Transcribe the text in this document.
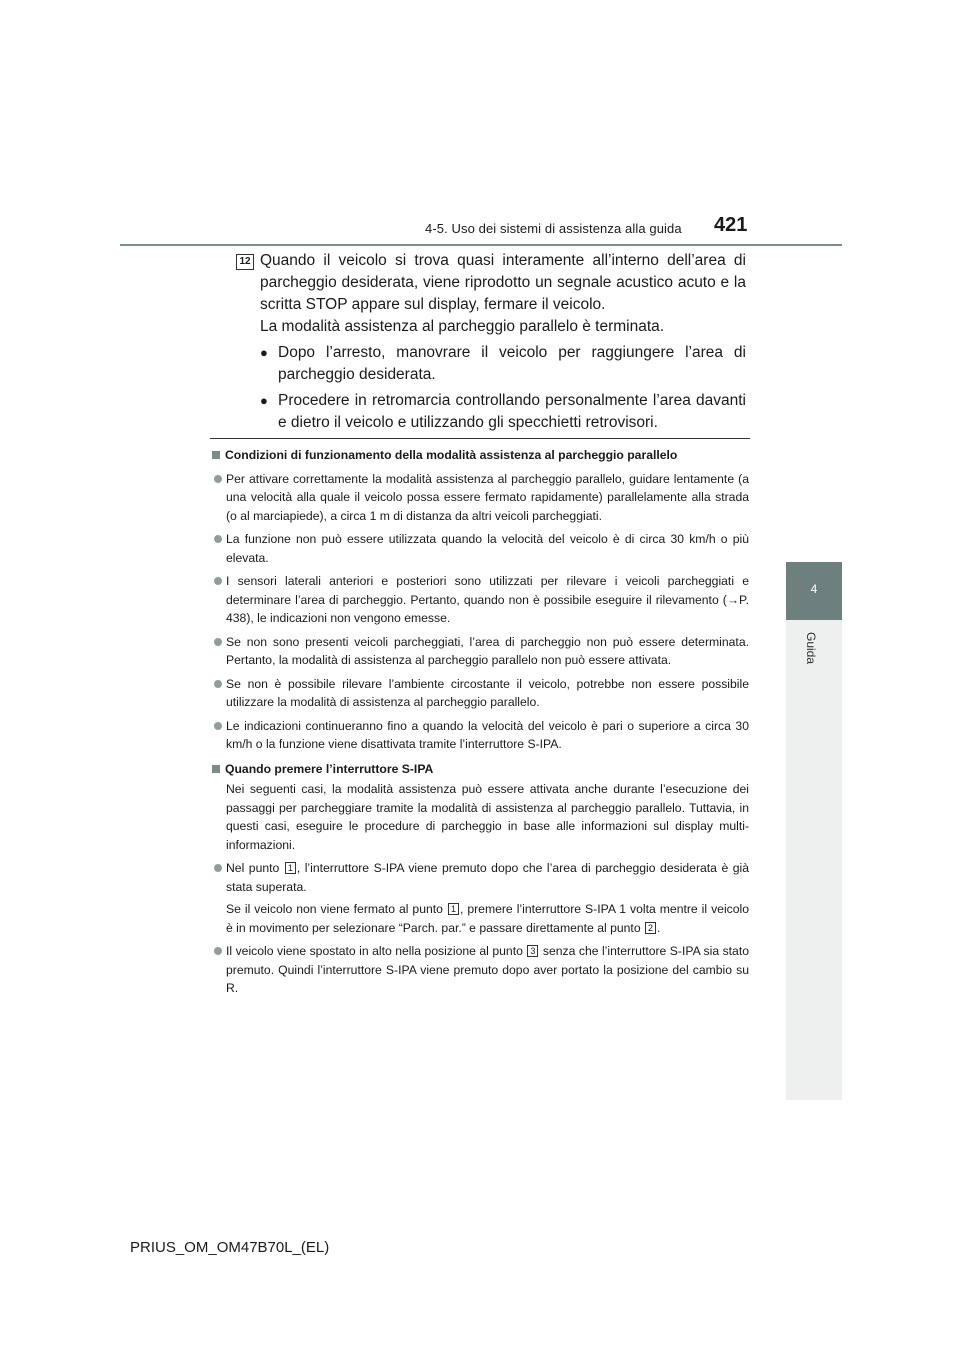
4-5. Uso dei sistemi di assistenza alla guida 421
4
Guida
12 Quando il veicolo si trova quasi interamente all’interno dell’area di parcheggio desiderata, viene riprodotto un segnale acustico acuto e la scritta STOP appare sul display, fermare il veicolo.

La modalità assistenza al parcheggio parallelo è terminata.

● Dopo l’arresto, manovrare il veicolo per raggiungere l’area di parcheggio desiderata.
● Procedere in retromarcia controllando personalmente l’area davanti e dietro il veicolo e utilizzando gli specchietti retrovisori.

Condizioni di funzionamento della modalità assistenza al parcheggio parallelo

Per attivare correttamente la modalità assistenza al parcheggio parallelo, guidare lentamente (a una velocità alla quale il veicolo possa essere fermato rapidamente) parallelamente alla strada (o al marciapiede), a circa 1 m di distanza da altri veicoli parcheggiati.

La funzione non può essere utilizzata quando la velocità del veicolo è di circa 30 km/h o più elevata.

I sensori laterali anteriori e posteriori sono utilizzati per rilevare i veicoli parcheggiati e determinare l’area di parcheggio. Pertanto, quando non è possibile eseguire il rilevamento (→P. 438), le indicazioni non vengono emesse.

Se non sono presenti veicoli parcheggiati, l’area di parcheggio non può essere determinata. Pertanto, la modalità di assistenza al parcheggio parallelo non può essere attivata.

Se non è possibile rilevare l’ambiente circostante il veicolo, potrebbe non essere possibile utilizzare la modalità di assistenza al parcheggio parallelo.

Le indicazioni continueranno fino a quando la velocità del veicolo è pari o superiore a circa 30 km/h o la funzione viene disattivata tramite l’interruttore S-IPA.

Quando premere l’interruttore S-IPA

Nei seguenti casi, la modalità assistenza può essere attivata anche durante l’esecuzione dei passaggi per parcheggiare tramite la modalità di assistenza al parcheggio parallelo. Tuttavia, in questi casi, eseguire le procedure di parcheggio in base alle informazioni sul display multi-informazioni.

Nel punto 1 , l’interruttore S-IPA viene premuto dopo che l’area di parcheggio desiderata è già stata superata.

Se il veicolo non viene fermato al punto 1 , premere l’interruttore S-IPA 1 volta mentre il veicolo è in movimento per selezionare “Parch. par.” e passare direttamente al punto 2 .

Il veicolo viene spostato in alto nella posizione al punto 3 senza che l’interruttore S-IPA sia stato premuto. Quindi l’interruttore S-IPA viene premuto dopo aver portato la posizione del cambio su R.

PRIUS_OM_OM47B70L_(EL)
